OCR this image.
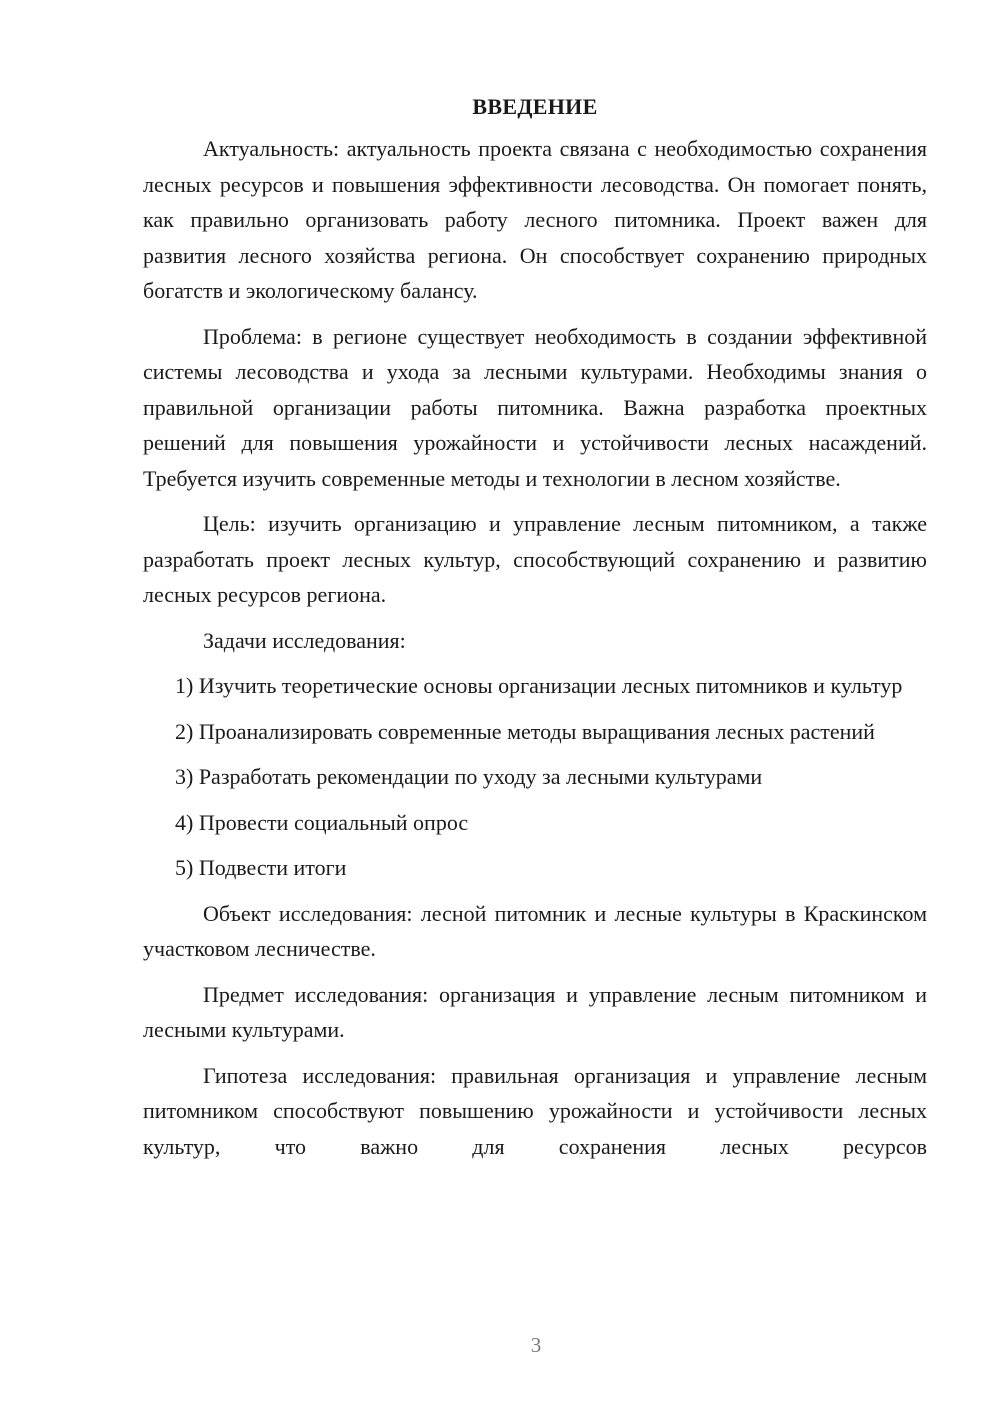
ВВЕДЕНИЕ

Актуальность: актуальность проекта связана с необходимостью сохранения лесных ресурсов и повышения эффективности лесоводства. Он помогает понять, как правильно организовать работу лесного питомника. Проект важен для развития лесного хозяйства региона. Он способствует сохранению природных богатств и экологическому балансу.

Проблема: в регионе существует необходимость в создании эффективной системы лесоводства и ухода за лесными культурами. Необходимы знания о правильной организации работы питомника. Важна разработка проектных решений для повышения урожайности и устойчивости лесных насаждений. Требуется изучить современные методы и технологии в лесном хозяйстве.

Цель: изучить организацию и управление лесным питомником, а также разработать проект лесных культур, способствующий сохранению и развитию лесных ресурсов региона.

Задачи исследования:

1) Изучить теоретические основы организации лесных питомников и культур

2) Проанализировать современные методы выращивания лесных растений

3) Разработать рекомендации по уходу за лесными культурами

4) Провести социальный опрос

5) Подвести итоги

Объект исследования: лесной питомник и лесные культуры в Краскинском участковом лесничестве.

Предмет исследования: организация и управление лесным питомником и лесными культурами.

Гипотеза исследования: правильная организация и управление лесным питомником способствуют повышению урожайности и устойчивости лесных культур, что важно для сохранения лесных ресурсов

3
